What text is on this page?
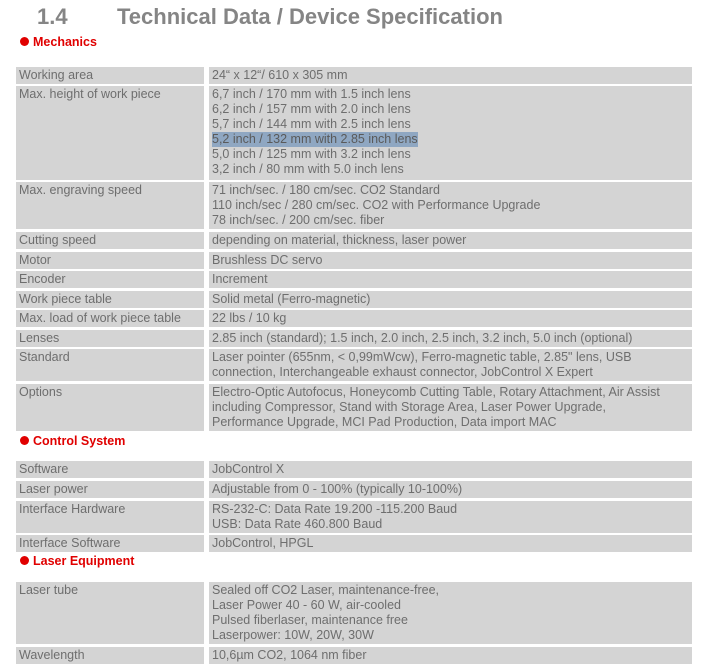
1.4 Technical Data / Device Specification
Mechanics
Working area	24“ x 12“/ 610 x 305 mm
Max. height of work piece	6,7 inch / 170 mm with 1.5 inch lens
6,2 inch / 157 mm with 2.0 inch lens
5,7 inch / 144 mm with 2.5 inch lens
5,2 inch / 132 mm with 2.85 inch lens

5,0 inch / 125 mm with 3.2 inch lens
3,2 inch / 80 mm with 5.0 inch lens
Max. engraving speed	71 inch/sec. / 180 cm/sec. CO2 Standard
110 inch/sec / 280 cm/sec. CO2 with Performance Upgrade
78 inch/sec. / 200 cm/sec. fiber
Cutting speed	depending on material, thickness, laser power
Motor	Brushless DC servo
Encoder	Increment
Work piece table	Solid metal (Ferro-magnetic)
Max. load of work piece table	22 lbs / 10 kg
Lenses	2.85 inch (standard); 1.5 inch, 2.0 inch, 2.5 inch, 3.2 inch, 5.0 inch (optional)
Standard	Laser pointer (655nm, < 0,99mWcw), Ferro-magnetic table, 2.85" lens, USB
connection, Interchangeable exhaust connector, JobControl X Expert
Options	Electro-Optic Autofocus, Honeycomb Cutting Table, Rotary Attachment, Air Assist
including Compressor, Stand with Storage Area, Laser Power Upgrade,
Performance Upgrade, MCI Pad Production, Data import MAC
Control System
Software	JobControl X
Laser power	Adjustable from 0 - 100% (typically 10-100%)
Interface Hardware	RS-232-C: Data Rate 19.200 -115.200 Baud
USB: Data Rate 460.800 Baud
Interface Software	JobControl, HPGL
Laser Equipment
Laser tube	Sealed off CO2 Laser, maintenance-free,
Laser Power 40 - 60 W, air-cooled
Pulsed fiberlaser, maintenance free
Laserpower: 10W, 20W, 30W
Wavelength	10,6µm CO2, 1064 nm fiber
